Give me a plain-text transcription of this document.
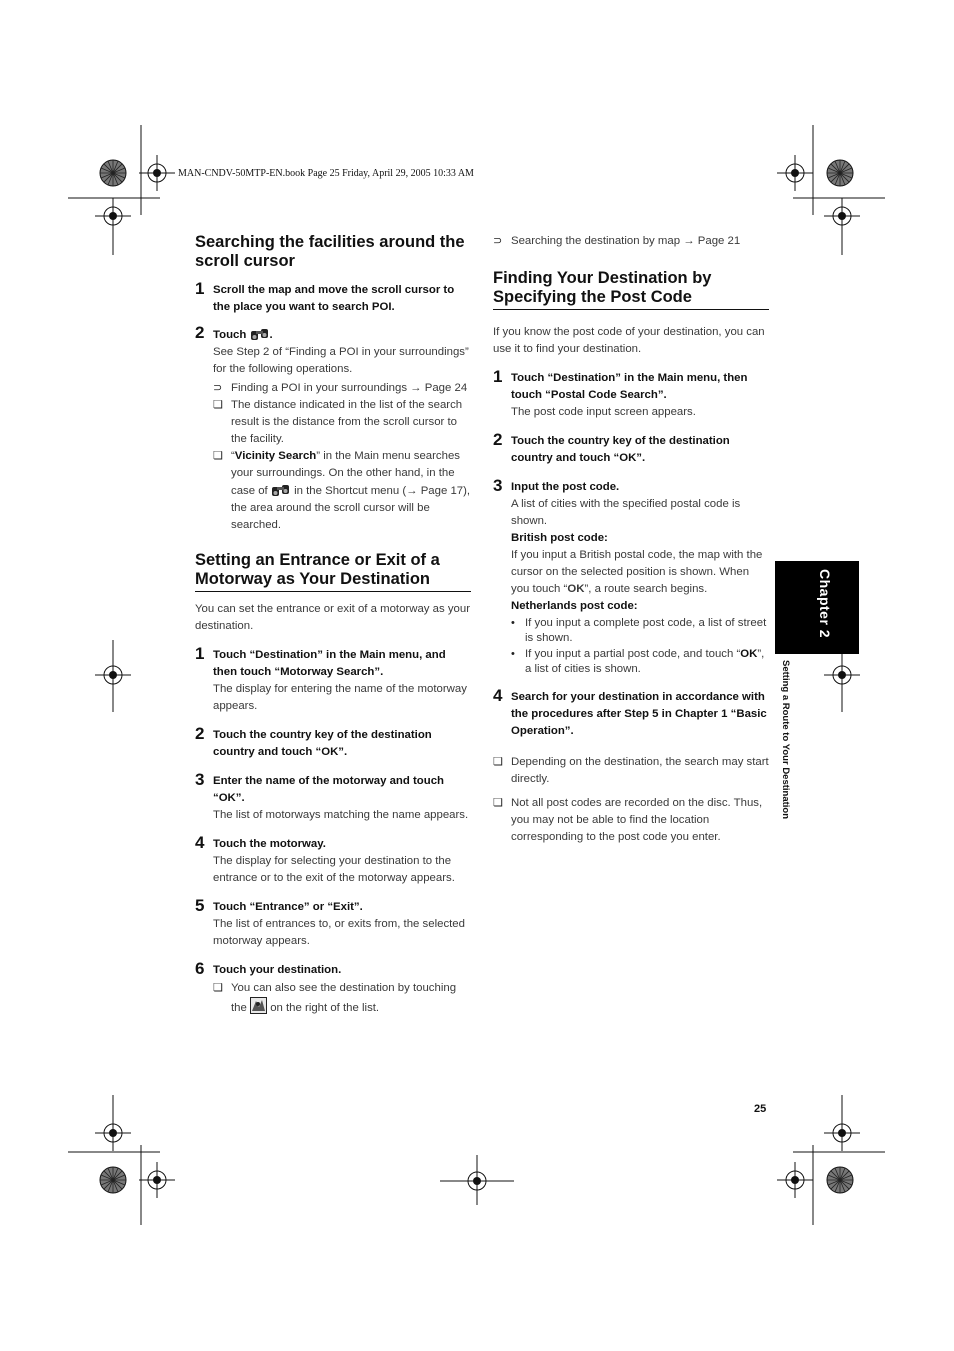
MAN-CNDV-50MTP-EN.book Page 25 Friday, April 29, 2005 10:33 AM
Searching the facilities around the scroll cursor
1 Scroll the map and move the scroll cursor to the place you want to search POI.
2 Touch .
See Step 2 of “Finding a POI in your surroundings” for the following operations.
⊃ Finding a POI in your surroundings → Page 24
❏ The distance indicated in the list of the search result is the distance from the scroll cursor to the facility.
❏ “Vicinity Search” in the Main menu searches your surroundings. On the other hand, in the case of in the Shortcut menu (→ Page 17), the area around the scroll cursor will be searched.
Setting an Entrance or Exit of a Motorway as Your Destination

You can set the entrance or exit of a motorway as your destination.

1 Touch “Destination” in the Main menu, and then touch “Motorway Search”.
The display for entering the name of the motorway appears.
2 Touch the country key of the destination country and touch “OK”.
3 Enter the name of the motorway and touch “OK”.
The list of motorways matching the name appears.
4 Touch the motorway.
The display for selecting your destination to the entrance or to the exit of the motorway appears.
5 Touch “Entrance” or “Exit”.
The list of entrances to, or exits from, the selected motorway appears.
6 Touch your destination.
❏ You can also see the destination by touching the on the right of the list.
⊃ Searching the destination by map → Page 21
Finding Your Destination by Specifying the Post Code

If you know the post code of your destination, you can use it to find your destination.

1 Touch “Destination” in the Main menu, then touch “Postal Code Search”.
The post code input screen appears.
2 Touch the country key of the destination country and touch “OK”.
3 Input the post code.
A list of cities with the specified postal code is shown.
British post code:
If you input a British postal code, the map with the cursor on the selected position is shown. When you touch “OK”, a route search begins.
Netherlands post code:
• If you input a complete post code, a list of street is shown.
• If you input a partial post code, and touch “OK”, a list of cities is shown.
4 Search for your destination in accordance with the procedures after Step 5 in Chapter 1 “Basic Operation”.
❏ Depending on the destination, the search may start directly.
❏ Not all post codes are recorded on the disc. Thus, you may not be able to find the location corresponding to the post code you enter.
Chapter 2
Setting a Route to Your Destination
25
